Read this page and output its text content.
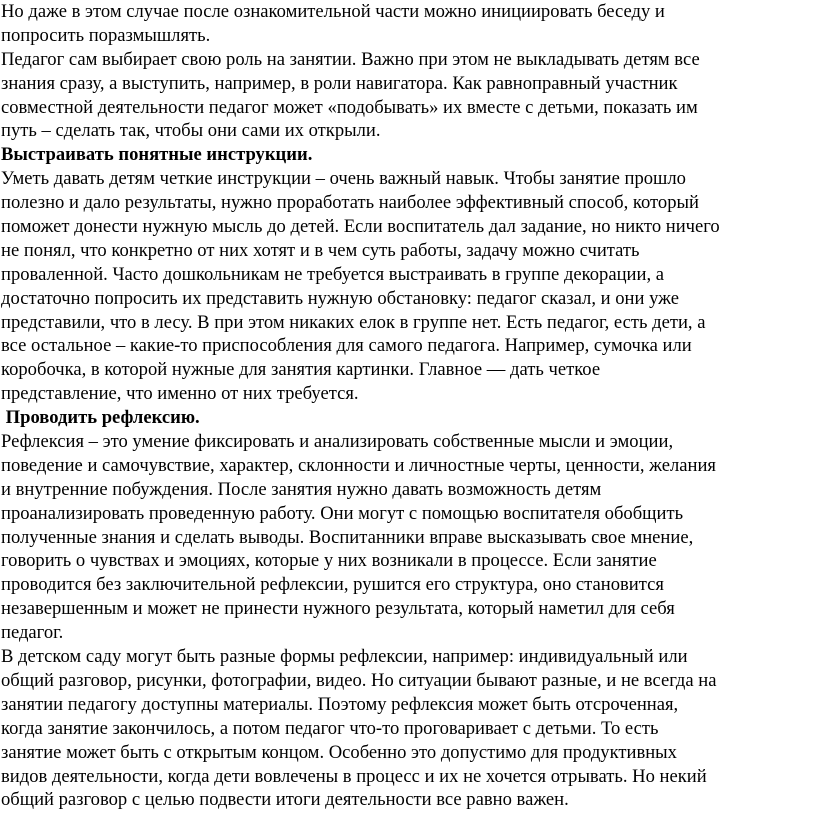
Но даже в этом случае после ознакомительной части можно инициировать беседу и
попросить поразмышлять.
Педагог сам выбирает свою роль на занятии. Важно при этом не выкладывать детям все
знания сразу, а выступить, например, в роли навигатора. Как равноправный участник
совместной деятельности педагог может «подобывать» их вместе с детьми, показать им
путь – сделать так, чтобы они сами их открыли.
Выстраивать понятные инструкции.
Уметь давать детям четкие инструкции – очень важный навык. Чтобы занятие прошло
полезно и дало результаты, нужно проработать наиболее эффективный способ, который
поможет донести нужную мысль до детей. Если воспитатель дал задание, но никто ничего
не понял, что конкретно от них хотят и в чем суть работы, задачу можно считать
проваленной. Часто дошкольникам не требуется выстраивать в группе декорации, а
достаточно попросить их представить нужную обстановку: педагог сказал, и они уже
представили, что в лесу. В при этом никаких елок в группе нет. Есть педагог, есть дети, а
все остальное – какие-то приспособления для самого педагога. Например, сумочка или
коробочка, в которой нужные для занятия картинки. Главное — дать четкое
представление, что именно от них требуется.
Проводить рефлексию.
Рефлексия – это умение фиксировать и анализировать собственные мысли и эмоции,
поведение и самочувствие, характер, склонности и личностные черты, ценности, желания
и внутренние побуждения. После занятия нужно давать возможность детям
проанализировать проведенную работу. Они могут с помощью воспитателя обобщить
полученные знания и сделать выводы. Воспитанники вправе высказывать свое мнение,
говорить о чувствах и эмоциях, которые у них возникали в процессе. Если занятие
проводится без заключительной рефлексии, рушится его структура, оно становится
незавершенным и может не принести нужного результата, который наметил для себя
педагог.
В детском саду могут быть разные формы рефлексии, например: индивидуальный или
общий разговор, рисунки, фотографии, видео. Но ситуации бывают разные, и не всегда на
занятии педагогу доступны материалы. Поэтому рефлексия может быть отсроченная,
когда занятие закончилось, а потом педагог что-то проговаривает с детьми. То есть
занятие может быть с открытым концом. Особенно это допустимо для продуктивных
видов деятельности, когда дети вовлечены в процесс и их не хочется отрывать. Но некий
общий разговор с целью подвести итоги деятельности все равно важен.
